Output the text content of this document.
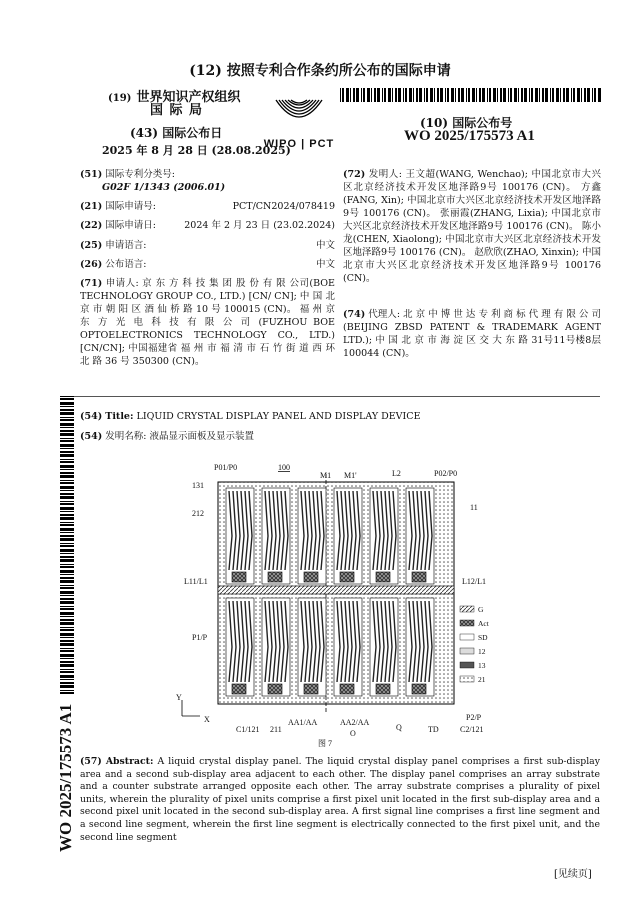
(12) 按照专利合作条约所公布的国际申请
(19) 世界知识产权组织
国 际 局
(43) 国际公布日
2025 年 8 月 28 日 (28.08.2025)
WIPO | PCT
(10) 国际公布号
WO 2025/175573 A1
(51) 国际专利分类号:
G02F 1/1343 (2006.01)
(21) 国际申请号:	PCT/CN2024/078419
(22) 国际申请日:	2024 年 2 月 23 日 (23.02.2024)
(25) 申请语言:	中文
(26) 公布语言:	中文
(71) 申请人: 京 东 方 科 技 集 团 股 份 有 限 公司(BOE TECHNOLOGY GROUP CO., LTD.) [CN/ CN]; 中 国 北 京 市 朝 阳 区 酒 仙 桥 路 10 号 100015 (CN)。 福 州 京 东 方 光 电 科 技 有 限 公 司 (FUZHOU BOE OPTOELECTRONICS TECHNOLOGY CO., LTD.) [CN/CN]; 中国福建省 福 州 市 福 清 市 石 竹 街 道 西 环 北 路 36 号 350300 (CN)。
(72) 发明人: 王文超(WANG, Wenchao); 中国北京市大兴区北京经济技术开发区地泽路9号 100176 (CN)。 方鑫(FANG, Xin); 中国北京市大兴区北京经济技术开发区地泽路9号 100176 (CN)。 张丽霞(ZHANG, Lixia); 中国北京市大兴区北京经济技术开发区地泽路9号 100176 (CN)。 陈小龙(CHEN, Xiaolong); 中国北京市大兴区北京经济技术开发区地泽路9号 100176 (CN)。 赵欣欣(ZHAO, Xinxin); 中国北京市大兴区北京经济技术开发区地泽路9号 100176 (CN)。
(74) 代理人: 北 京 中 博 世 达 专 利 商 标 代 理 有 限 公 司 (BEIJING ZBSD PATENT & TRADEMARK AGENT LTD.); 中 国 北 京 市 海 淀 区 交 大 东 路 31号11号楼8层 100044 (CN)。
(54) Title: LIQUID CRYSTAL DISPLAY PANEL AND DISPLAY DEVICE
(54) 发明名称: 液晶显示面板及显示装置
P01/P0	100
M1 M1'	L2	P02/P0
131
212
L11/L1
P1/P
Y
X
11
L12/L1
P2/P
C1/121 211
AA1/AA	AA2/AA
O
Q	TD	C2/121
图 7
G
Act
SD
12
13
21
(57) Abstract: A liquid crystal display panel. The liquid crystal display panel comprises a first sub-display area and a second sub-display area adjacent to each other. The display panel comprises an array substrate and a counter substrate arranged opposite each other. The array substrate comprises a plurality of pixel units, wherein the plurality of pixel units comprise a first pixel unit located in the first sub-display area and a second pixel unit located in the second sub-display area. A first signal line comprises a first line segment and a second line segment, wherein the first line segment is electrically connected to the first pixel unit, and the second line segment
[见续页]
WO 2025/175573 A1
